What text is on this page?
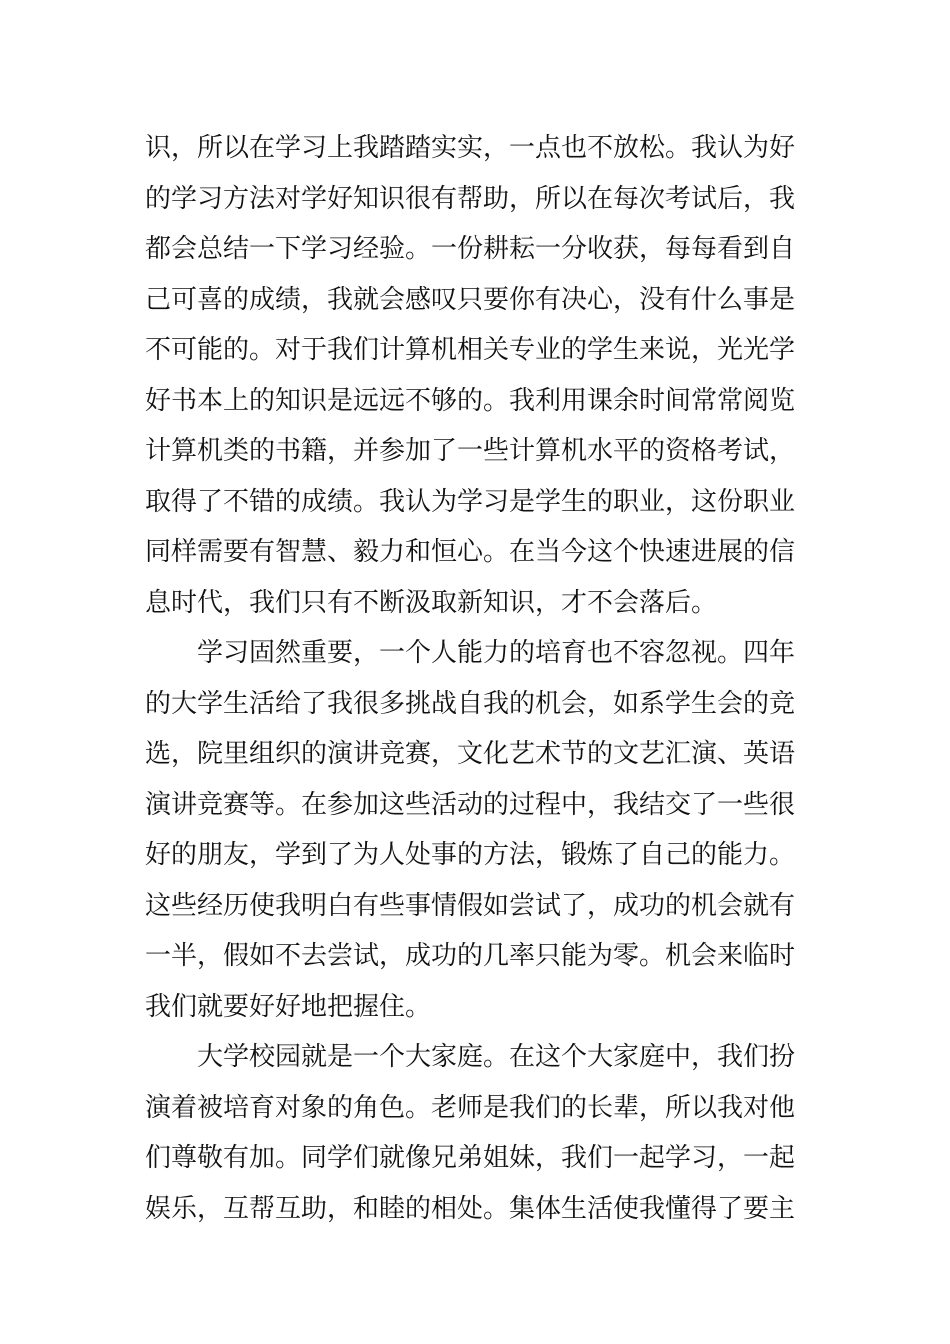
识，所以在学习上我踏踏实实，一点也不放松。我认为好
的学习方法对学好知识很有帮助，所以在每次考试后，我
都会总结一下学习经验。一份耕耘一分收获，每每看到自
己可喜的成绩，我就会感叹只要你有决心，没有什么事是
不可能的。对于我们计算机相关专业的学生来说，光光学
好书本上的知识是远远不够的。我利用课余时间常常阅览
计算机类的书籍，并参加了一些计算机水平的资格考试，
取得了不错的成绩。我认为学习是学生的职业，这份职业
同样需要有智慧、毅力和恒心。在当今这个快速进展的信
息时代，我们只有不断汲取新知识，才不会落后。
学习固然重要，一个人能力的培育也不容忽视。四年
的大学生活给了我很多挑战自我的机会，如系学生会的竞
选，院里组织的演讲竞赛，文化艺术节的文艺汇演、英语
演讲竞赛等。在参加这些活动的过程中，我结交了一些很
好的朋友，学到了为人处事的方法，锻炼了自己的能力。
这些经历使我明白有些事情假如尝试了，成功的机会就有
一半，假如不去尝试，成功的几率只能为零。机会来临时
我们就要好好地把握住。
大学校园就是一个大家庭。在这个大家庭中，我们扮
演着被培育对象的角色。老师是我们的长辈，所以我对他
们尊敬有加。同学们就像兄弟姐妹，我们一起学习，一起
娱乐，互帮互助，和睦的相处。集体生活使我懂得了要主
